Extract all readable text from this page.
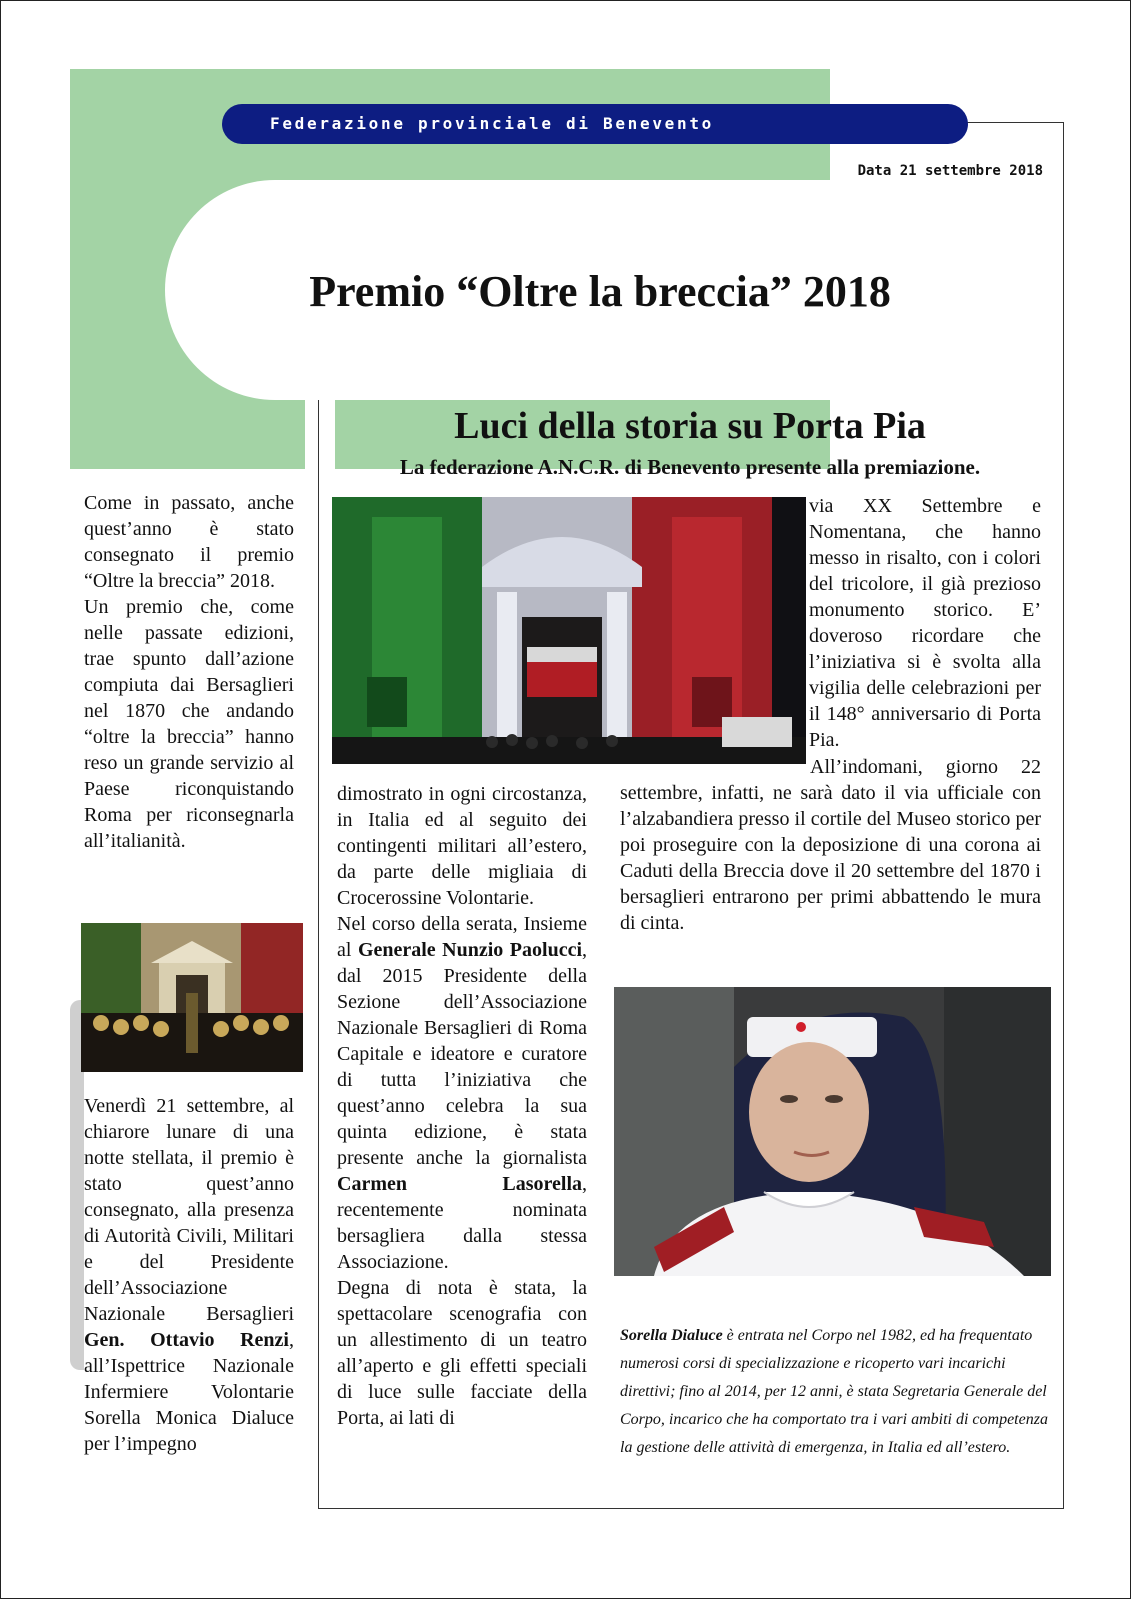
Federazione provinciale di Benevento
Data 21 settembre 2018
Premio “Oltre la breccia” 2018
Luci della storia su Porta Pia
La federazione A.N.C.R. di Benevento presente alla premiazione.

Come in passato, anche quest’anno è stato consegnato il premio “Oltre la breccia” 2018.

Un premio che, come nelle passate edizioni, trae spunto dall’azione compiuta dai Bersaglieri nel 1870 che andando “oltre la breccia” hanno reso un grande servizio al Paese riconquistando Roma per riconsegnarla all’italianità.

Venerdì 21 settembre, al chiarore lunare di una notte stellata, il premio è stato quest’anno consegnato, alla presenza di Autorità Civili, Militari e del Presidente dell’Associazione Nazionale Bersaglieri Gen. Ottavio Renzi, all’Ispettrice Nazionale Infermiere Volontarie Sorella Monica Dialuce per l’impegno

dimostrato in ogni circostanza, in Italia ed al seguito dei contingenti militari all’estero, da parte delle migliaia di Crocerossine Volontarie.

Nel corso della serata, Insieme al Generale Nunzio Paolucci, dal 2015 Presidente della Sezione dell’Associazione Nazionale Bersaglieri di Roma Capitale e ideatore e curatore di tutta l’iniziativa che quest’anno celebra la sua quinta edizione, è stata presente anche la giornalista Carmen Lasorella, recentemente nominata bersagliera dalla stessa Associazione.

Degna di nota è stata, la spettacolare scenografia con un allestimento di un teatro all’aperto e gli effetti speciali di luce sulle facciate della Porta, ai lati di

via XX Settembre e Nomentana, che hanno messo in risalto, con i colori del tricolore, il già prezioso monumento storico. E’ doveroso ricordare che l’iniziativa si è svolta alla vigilia delle celebrazioni per il 148° anniversario di Porta Pia.

All’indomani, giorno 22 settembre, infatti, ne sarà dato il via ufficiale con l’alzabandiera presso il cortile del Museo storico per poi proseguire con la deposizione di una corona ai Caduti della Breccia dove il 20 settembre del 1870 i bersaglieri entrarono per primi abbattendo le mura di cinta.

Sorella Dialuce è entrata nel Corpo nel 1982, ed ha frequentato numerosi corsi di specializzazione e ricoperto vari incarichi direttivi; fino al 2014, per 12 anni, è stata Segretaria Generale del Corpo, incarico che ha comportato tra i vari ambiti di competenza la gestione delle attività di emergenza, in Italia ed all’estero.
